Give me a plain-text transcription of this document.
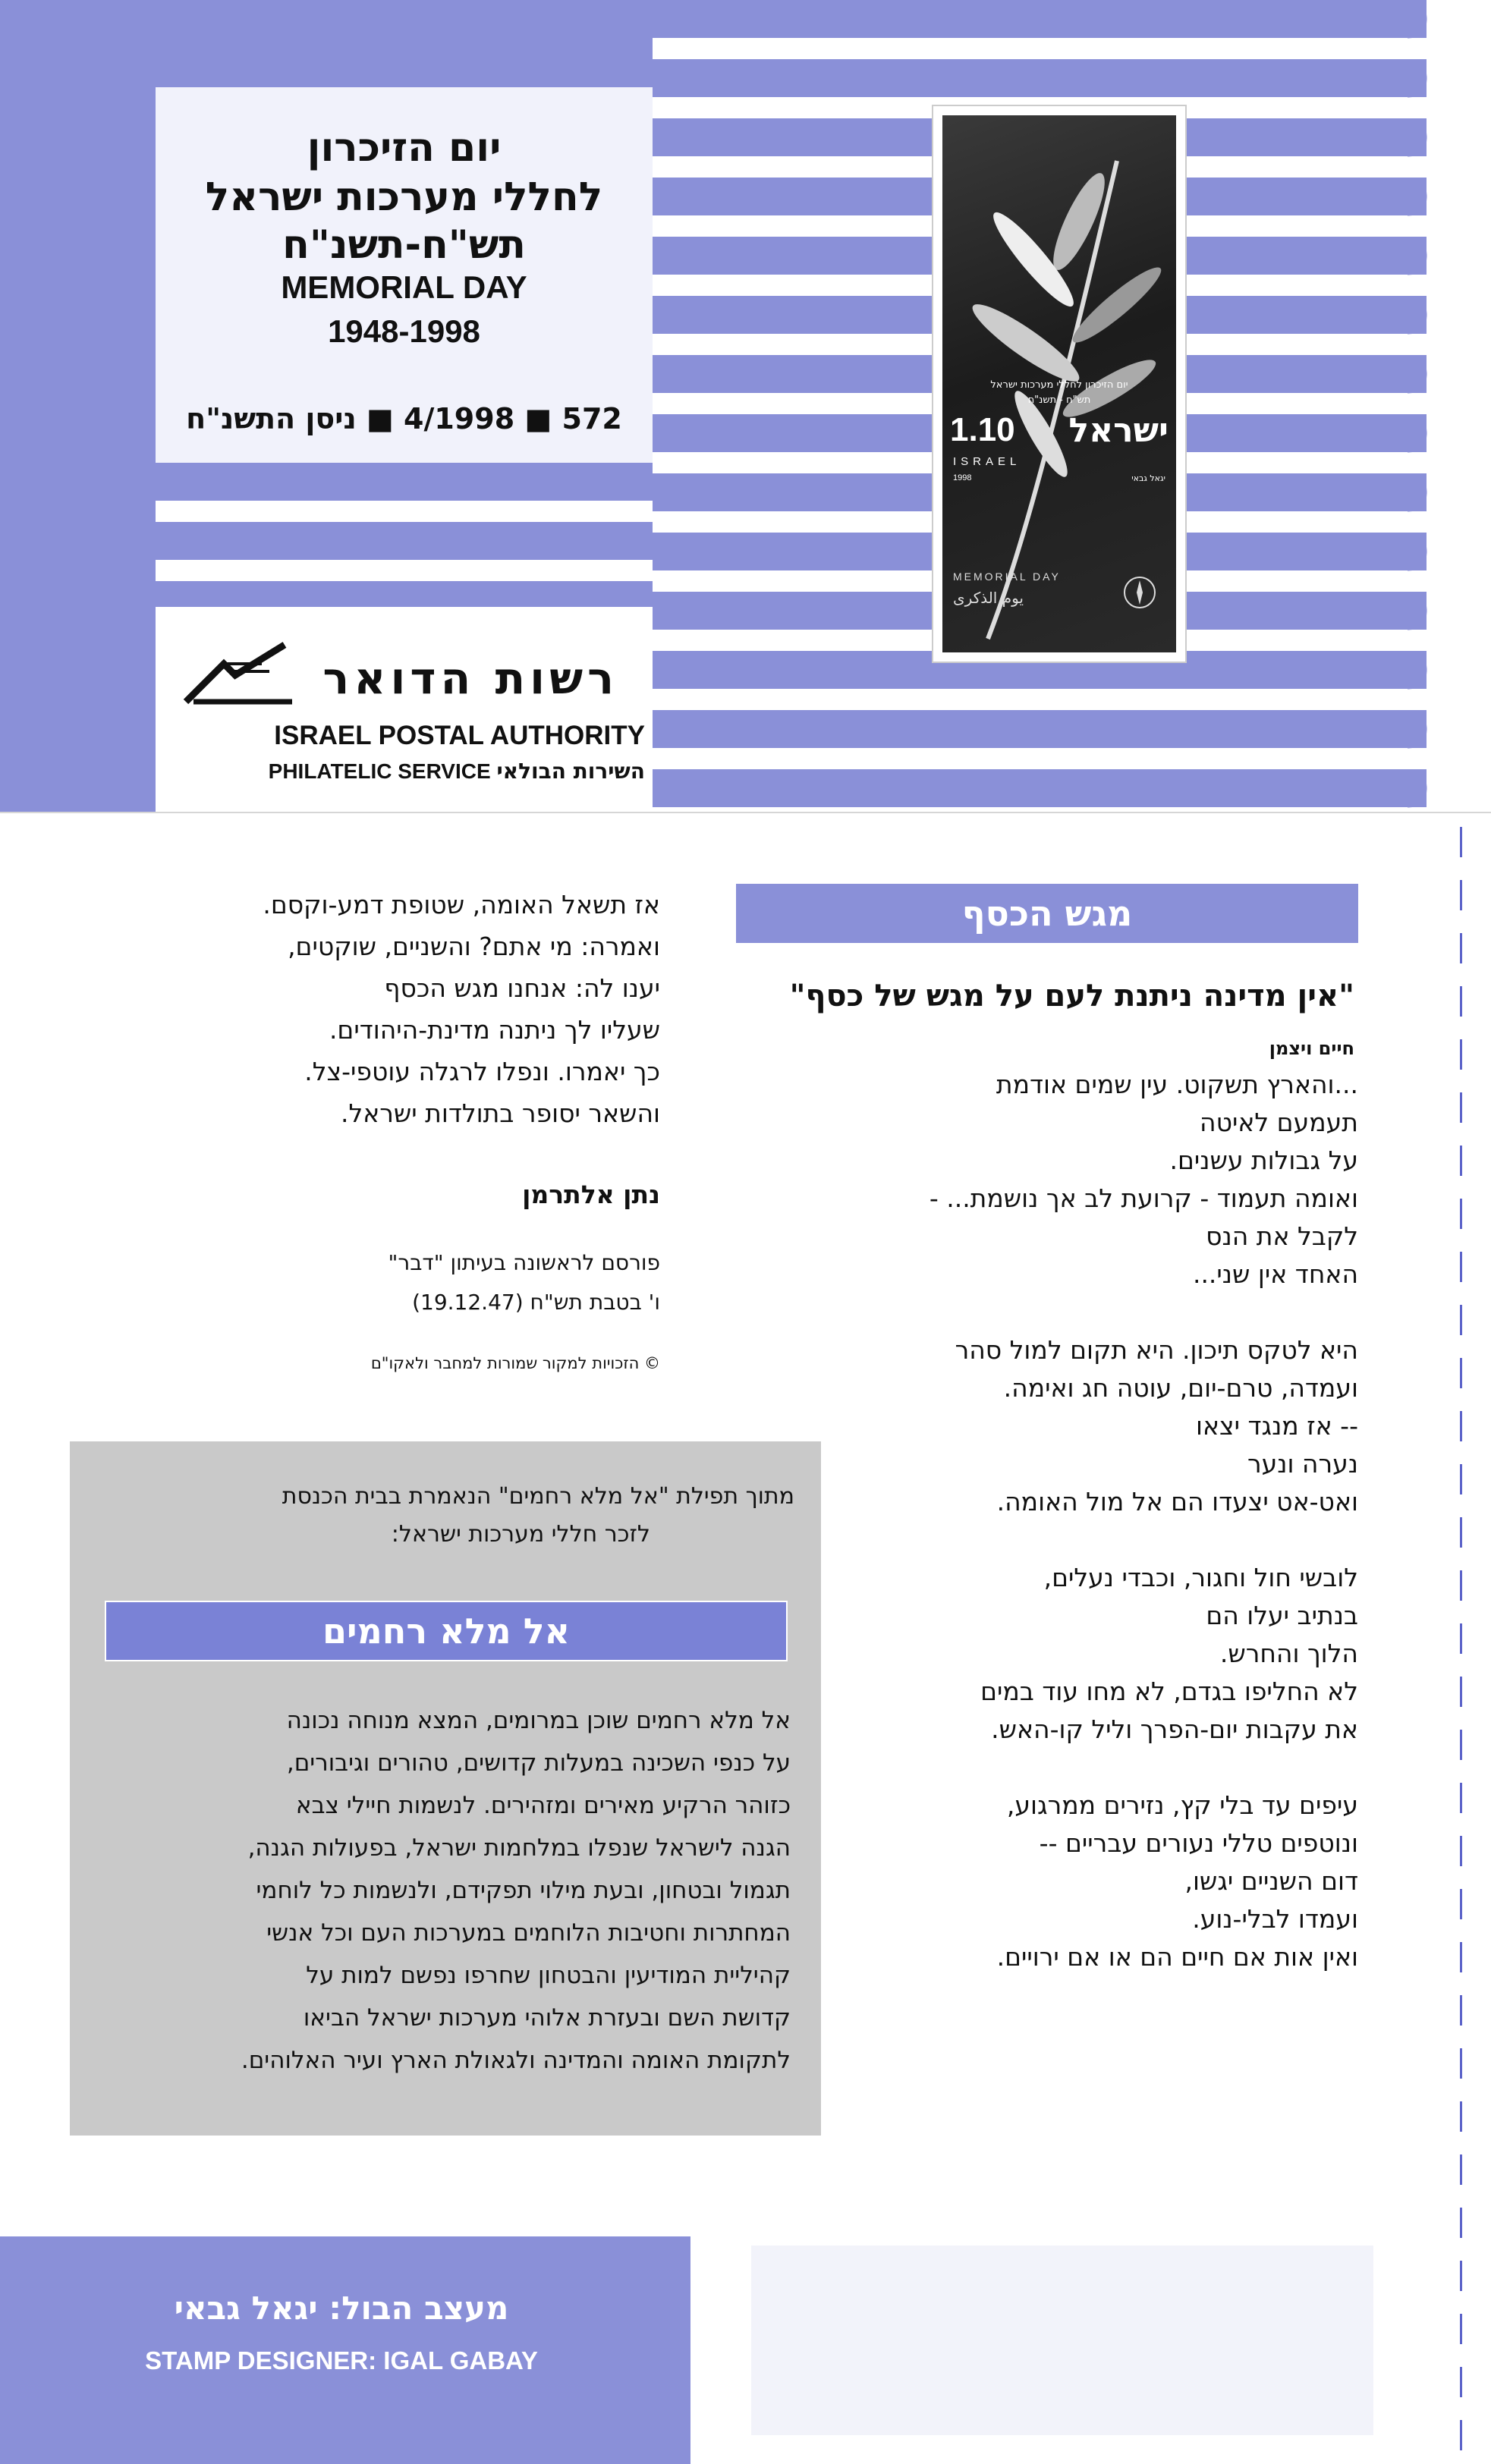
יום הזיכרון
לחללי מערכות ישראל
תש"ח-תשנ"ח
MEMORIAL DAY
1948-1998
572 ■ 4/1998 ■ ניסן התשנ"ח
רשות הדואר
ISRAEL POSTAL AUTHORITY
PHILATELIC SERVICE השירות הבולאי
יום הזיכרון לחללי מערכות ישראל
תש"ח - תשנ"ח
1.10 ישראל
ISRAEL
1998	יגאל גבאי
MEMORIAL DAY
يوم الذكرى
מגש הכסף
"אין מדינה ניתנת לעם על מגש של כסף"
חיים ויצמן
...והארץ תשקוט. עין שמים אודמת
תעמעם לאיטה
על גבולות עשנים.
ואומה תעמוד - קרועת לב אך נושמת... -
לקבל את הנס
האחד אין שני...
היא לטקס תיכון. היא תקום למול סהר
ועמדה, טרם-יום, עוטה חג ואימה.
-- אז מנגד יצאו
נערה ונער
ואט-אט יצעדו הם אל מול האומה.
לובשי חול וחגור, וכבדי נעלים,
בנתיב יעלו הם
הלוך והחרש.
לא החליפו בגדם, לא מחו עוד במים
את עקבות יום-הפרך וליל קו-האש.
עיפים עד בלי קץ, נזירים ממרגוע,
ונוטפים טללי נעורים עבריים --
דום השניים יגשו,
ועמדו לבלי-נוע.
ואין אות אם חיים הם או אם ירויים.
אז תשאל האומה, שטופת דמע-וקסם.
ואמרה: מי אתם? והשניים, שוקטים,
יענו לה: אנחנו מגש הכסף
שעליו לך ניתנה מדינת-היהודים.
כך יאמרו. ונפלו לרגלה עוטפי-צל.
והשאר יסופר בתולדות ישראל.
נתן אלתרמן
פורסם לראשונה בעיתון "דבר"
ו' בטבת תש"ח (19.12.47)
© הזכויות למקור שמורות למחבר ולאקו"ם
מתוך תפילת "אל מלא רחמים" הנאמרת בבית הכנסת
לזכר חללי מערכות ישראל:
אל מלא רחמים
אל מלא רחמים שוכן במרומים, המצא מנוחה נכונה
על כנפי השכינה במעלות קדושים, טהורים וגיבורים,
כזוהר הרקיע מאירים ומזהירים. לנשמות חיילי צבא
הגנה לישראל שנפלו במלחמות ישראל, בפעולות הגנה,
תגמול ובטחון, ובעת מילוי תפקידם, ולנשמות כל לוחמי
המחתרות וחטיבות הלוחמים במערכות העם וכל אנשי
קהיליית המודיעין והבטחון שחרפו נפשם למות על
קדושת השם ובעזרת אלוהי מערכות ישראל הביאו
לתקומת האומה והמדינה ולגאולת הארץ ועיר האלוהים.
מעצב הבול: יגאל גבאי
STAMP DESIGNER: IGAL GABAY
